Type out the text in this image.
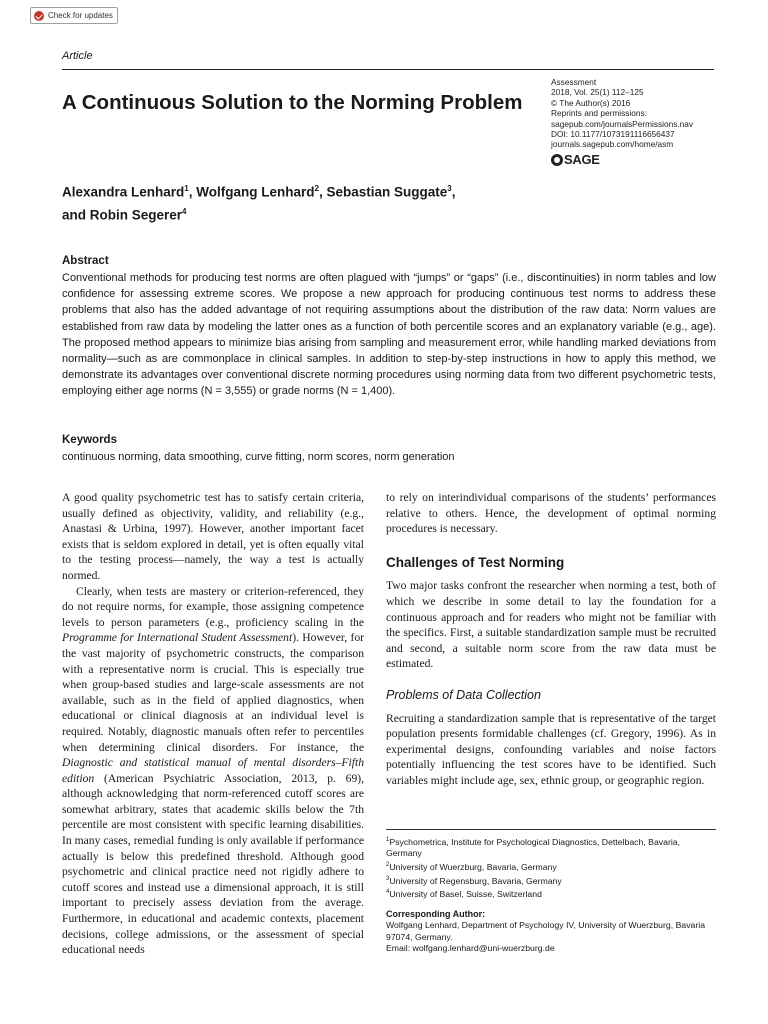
Check for updates
Article
Assessment
2018, Vol. 25(1) 112–125
© The Author(s) 2016
Reprints and permissions:
sagepub.com/journalsPermissions.nav
DOI: 10.1177/1073191116656437
journals.sagepub.com/home/asm
SAGE
A Continuous Solution to the Norming Problem

Alexandra Lenhard$^1$, Wolfgang Lenhard$^2$, Sebastian Suggate$^3$,
and Robin Segerer$^4$

Abstract

Conventional methods for producing test norms are often plagued with “jumps” or “gaps” (i.e., discontinuities) in norm tables and low confidence for assessing extreme scores. We propose a new approach for producing continuous test norms to address these problems that also has the added advantage of not requiring assumptions about the distribution of the raw data: Norm values are established from raw data by modeling the latter ones as a function of both percentile scores and an explanatory variable (e.g., age). The proposed method appears to minimize bias arising from sampling and measurement error, while handling marked deviations from normality—such as are commonplace in clinical samples. In addition to step-by-step instructions in how to apply this method, we demonstrate its advantages over conventional discrete norming procedures using norming data from two different psychometric tests, employing either age norms (N = 3,555) or grade norms (N = 1,400).

Keywords
continuous norming, data smoothing, curve fitting, norm scores, norm generation

A good quality psychometric test has to satisfy certain criteria, usually defined as objectivity, validity, and reliability (e.g., Anastasi & Urbina, 1997). However, another important facet exists that is seldom explored in detail, yet is often equally vital to the testing process—namely, the way a test is actually normed.

Clearly, when tests are mastery or criterion-referenced, they do not require norms, for example, those assigning competence levels to person parameters (e.g., proficiency scaling in the Programme for International Student Assessment). However, for the vast majority of psychometric constructs, the comparison with a representative norm is crucial. This is especially true when group-based studies and large-scale assessments are not available, such as in the field of applied diagnostics, when educational or clinical diagnosis at an individual level is required. Notably, diagnostic manuals often refer to percentiles when determining clinical disorders. For instance, the Diagnostic and statistical manual of mental disorders–Fifth edition (American Psychiatric Association, 2013, p. 69), although acknowledging that norm-referenced cutoff scores are somewhat arbitrary, states that academic skills below the 7th percentile are most consistent with specific learning disabilities. In many cases, remedial funding is only available if performance actually is below this predefined threshold. Although good psychometric and clinical practice need not rigidly adhere to cutoff scores and instead use a dimensional approach, it is still important to precisely assess deviation from the average. Furthermore, in educational and academic contexts, placement decisions, college admissions, or the assessment of special educational needs

to rely on interindividual comparisons of the students’ performances relative to others. Hence, the development of optimal norming procedures is necessary.

Challenges of Test Norming

Two major tasks confront the researcher when norming a test, both of which we describe in some detail to lay the foundation for a continuous approach and for readers who might not be familiar with the specifics. First, a suitable standardization sample must be recruited and second, a suitable norm score from the raw data must be estimated.

Problems of Data Collection

Recruiting a standardization sample that is representative of the target population presents formidable challenges (cf. Gregory, 1996). As in experimental designs, confounding variables and noise factors potentially influencing the test scores have to be identified. Such variables might include age, sex, ethnic group, or geographic region.

$^1$Psychometrica, Institute for Psychological Diagnostics, Dettelbach, Bavaria, Germany

$^2$University of Wuerzburg, Bavaria, Germany

$^3$University of Regensburg, Bavaria, Germany

$^4$University of Basel, Suisse, Switzerland

Corresponding Author:

Wolfgang Lenhard, Department of Psychology IV, University of Wuerzburg, Bavaria 97074, Germany.

Email: wolfgang.lenhard@uni-wuerzburg.de
